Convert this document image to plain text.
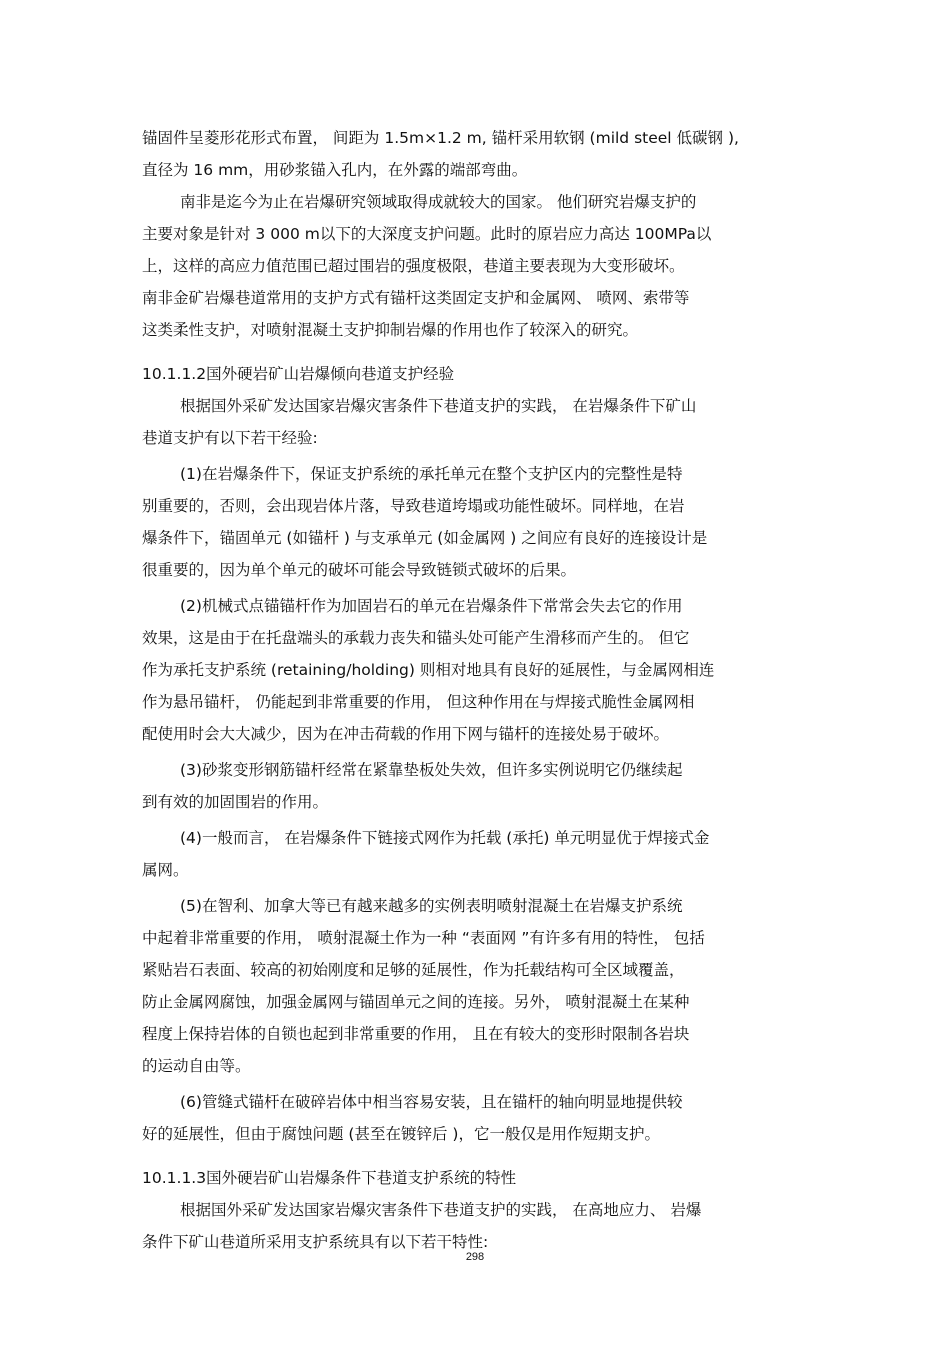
锚固件呈菱形花形式布置， 间距为 1.5m×1.2 m, 锚杆采用软钢 (mild steel 低碳钢 ),
直径为 16 mm，用砂浆锚入孔内，在外露的端部弯曲。
南非是迄今为止在岩爆研究领域取得成就较大的国家。 他们研究岩爆支护的
主要对象是针对 3 000 m以下的大深度支护问题。此时的原岩应力高达 100MPa以
上，这样的高应力值范围已超过围岩的强度极限，巷道主要表现为大变形破坏。
南非金矿岩爆巷道常用的支护方式有锚杆这类固定支护和金属网、 喷网、索带等
这类柔性支护，对喷射混凝土支护抑制岩爆的作用也作了较深入的研究。
10.1.1.2国外硬岩矿山岩爆倾向巷道支护经验
根据国外采矿发达国家岩爆灾害条件下巷道支护的实践， 在岩爆条件下矿山
巷道支护有以下若干经验:
(1)在岩爆条件下，保证支护系统的承托单元在整个支护区内的完整性是特
别重要的，否则，会出现岩体片落，导致巷道垮塌或功能性破坏。同样地，在岩
爆条件下，锚固单元 (如锚杆 ) 与支承单元 (如金属网 ) 之间应有良好的连接设计是
很重要的，因为单个单元的破坏可能会导致链锁式破坏的后果。
(2)机械式点锚锚杆作为加固岩石的单元在岩爆条件下常常会失去它的作用
效果，这是由于在托盘端头的承载力丧失和锚头处可能产生滑移而产生的。 但它
作为承托支护系统 (retaining/holding) 则相对地具有良好的延展性，与金属网相连
作为悬吊锚杆， 仍能起到非常重要的作用， 但这种作用在与焊接式脆性金属网相
配使用时会大大减少，因为在冲击荷载的作用下网与锚杆的连接处易于破坏。
(3)砂浆变形钢筋锚杆经常在紧靠垫板处失效，但许多实例说明它仍继续起
到有效的加固围岩的作用。
(4)一般而言， 在岩爆条件下链接式网作为托载 (承托) 单元明显优于焊接式金
属网。
(5)在智利、加拿大等已有越来越多的实例表明喷射混凝土在岩爆支护系统
中起着非常重要的作用， 喷射混凝土作为一种 “表面网 ”有许多有用的特性， 包括
紧贴岩石表面、较高的初始刚度和足够的延展性，作为托载结构可全区域覆盖，
防止金属网腐蚀，加强金属网与锚固单元之间的连接。另外， 喷射混凝土在某种
程度上保持岩体的自锁也起到非常重要的作用， 且在有较大的变形时限制各岩块
的运动自由等。
(6)管缝式锚杆在破碎岩体中相当容易安装，且在锚杆的轴向明显地提供较
好的延展性，但由于腐蚀问题 (甚至在镀锌后 )，它一般仅是用作短期支护。
10.1.1.3国外硬岩矿山岩爆条件下巷道支护系统的特性
根据国外采矿发达国家岩爆灾害条件下巷道支护的实践， 在高地应力、 岩爆
条件下矿山巷道所采用支护系统具有以下若干特性:
298
